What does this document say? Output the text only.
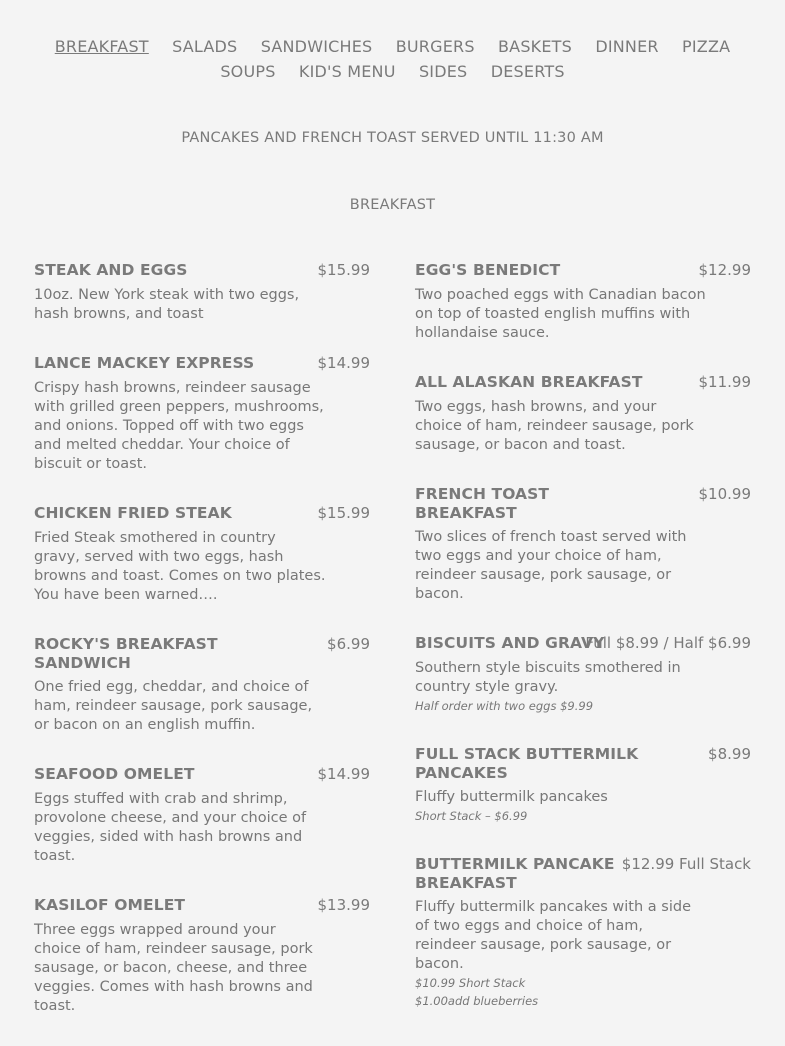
BREAKFAST SALADS SANDWICHES BURGERS BASKETS DINNER PIZZA
SOUPS KID'S MENU SIDES DESERTS
PANCAKES AND FRENCH TOAST SERVED UNTIL 11:30 AM
BREAKFAST
STEAK AND EGGS	$15.99
10oz. New York steak with two eggs, hash browns, and toast
LANCE MACKEY EXPRESS	$14.99
Crispy hash browns, reindeer sausage with grilled green peppers, mushrooms, and onions. Topped off with two eggs and melted cheddar. Your choice of biscuit or toast.
CHICKEN FRIED STEAK	$15.99
Fried Steak smothered in country gravy, served with two eggs, hash browns and toast. Comes on two plates. You have been warned….
ROCKY'S BREAKFAST SANDWICH
$6.99
One fried egg, cheddar, and choice of ham, reindeer sausage, pork sausage, or bacon on an english muffin.
SEAFOOD OMELET	$14.99
Eggs stuffed with crab and shrimp, provolone cheese, and your choice of veggies, sided with hash browns and toast.
KASILOF OMELET	$13.99
Three eggs wrapped around your choice of ham, reindeer sausage, pork sausage, or bacon, cheese, and three veggies. Comes with hash browns and toast.
EGG'S BENEDICT	$12.99
Two poached eggs with Canadian bacon on top of toasted english muffins with hollandaise sauce.
ALL ALASKAN BREAKFAST	$11.99
Two eggs, hash browns, and your choice of ham, reindeer sausage, pork sausage, or bacon and toast.
FRENCH TOAST BREAKFAST
$10.99
Two slices of french toast served with two eggs and your choice of ham, reindeer sausage, pork sausage, or bacon.
BISCUITS AND GRAVY
Full $8.99 / Half $6.99
Southern style biscuits smothered in country style gravy.
Half order with two eggs $9.99
FULL STACK BUTTERMILK PANCAKES
$8.99
Fluffy buttermilk pancakes
Short Stack – $6.99
BUTTERMILK PANCAKE BREAKFAST
$12.99 Full Stack
Fluffy buttermilk pancakes with a side of two eggs and choice of ham, reindeer sausage, pork sausage, or bacon.
$10.99 Short Stack
$1.00add blueberries
